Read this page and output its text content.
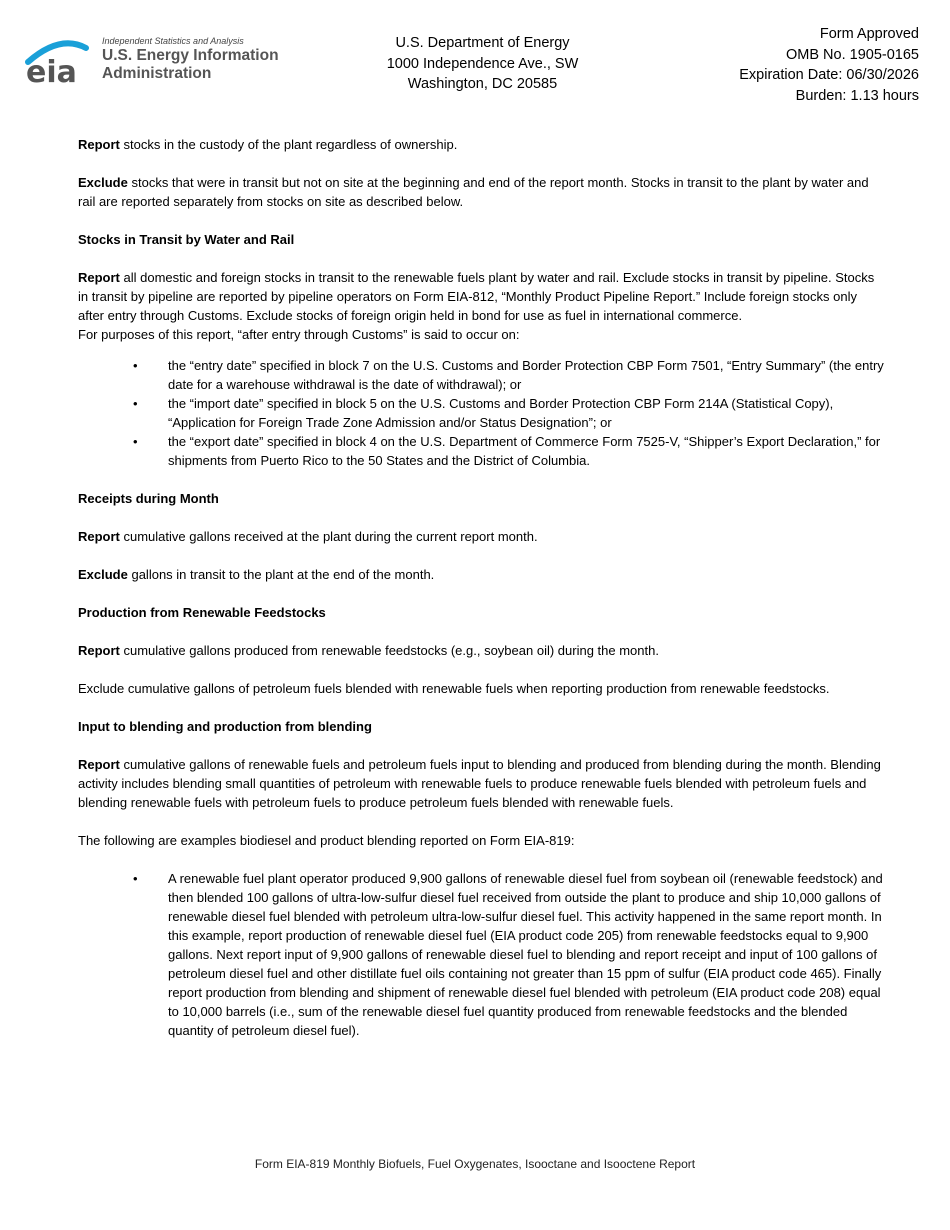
eia
Independent Statistics and Analysis
U.S. Energy Information
Administration
U.S. Department of Energy
1000 Independence Ave., SW
Washington, DC 20585
Form Approved
OMB No. 1905-0165
Expiration Date: 06/30/2026
Burden: 1.13 hours

Report stocks in the custody of the plant regardless of ownership.

Exclude stocks that were in transit but not on site at the beginning and end of the report month. Stocks in transit to the plant by water and rail are reported separately from stocks on site as described below.

Stocks in Transit by Water and Rail

Report all domestic and foreign stocks in transit to the renewable fuels plant by water and rail. Exclude stocks in transit by pipeline. Stocks in transit by pipeline are reported by pipeline operators on Form EIA-812, “Monthly Product Pipeline Report.” Include foreign stocks only after entry through Customs. Exclude stocks of foreign origin held in bond for use as fuel in international commerce.

For purposes of this report, “after entry through Customs” is said to occur on:

• the “entry date” specified in block 7 on the U.S. Customs and Border Protection CBP Form 7501, “Entry Summary” (the entry date for a warehouse withdrawal is the date of withdrawal); or
• the “import date” specified in block 5 on the U.S. Customs and Border Protection CBP Form 214A (Statistical Copy), “Application for Foreign Trade Zone Admission and/or Status Designation”; or
• the “export date” specified in block 4 on the U.S. Department of Commerce Form 7525-V, “Shipper’s Export Declaration,” for shipments from Puerto Rico to the 50 States and the District of Columbia.
Receipts during Month

Report cumulative gallons received at the plant during the current report month.

Exclude gallons in transit to the plant at the end of the month.

Production from Renewable Feedstocks

Report cumulative gallons produced from renewable feedstocks (e.g., soybean oil) during the month.

Exclude cumulative gallons of petroleum fuels blended with renewable fuels when reporting production from renewable feedstocks.

Input to blending and production from blending

Report cumulative gallons of renewable fuels and petroleum fuels input to blending and produced from blending during the month. Blending activity includes blending small quantities of petroleum with renewable fuels to produce renewable fuels blended with petroleum fuels and blending renewable fuels with petroleum fuels to produce petroleum fuels blended with renewable fuels.

The following are examples biodiesel and product blending reported on Form EIA-819:

• A renewable fuel plant operator produced 9,900 gallons of renewable diesel fuel from soybean oil (renewable feedstock) and then blended 100 gallons of ultra-low-sulfur diesel fuel received from outside the plant to produce and ship 10,000 gallons of renewable diesel fuel blended with petroleum ultra-low-sulfur diesel fuel. This activity happened in the same report month. In this example, report production of renewable diesel fuel (EIA product code 205) from renewable feedstocks equal to 9,900 gallons. Next report input of 9,900 gallons of renewable diesel fuel to blending and report receipt and input of 100 gallons of petroleum diesel fuel and other distillate fuel oils containing not greater than 15 ppm of sulfur (EIA product code 465). Finally report production from blending and shipment of renewable diesel fuel blended with petroleum (EIA product code 208) equal to 10,000 barrels (i.e., sum of the renewable diesel fuel quantity produced from renewable feedstocks and the blended quantity of petroleum diesel fuel).
Form EIA-819 Monthly Biofuels, Fuel Oxygenates, Isooctane and Isooctene Report
